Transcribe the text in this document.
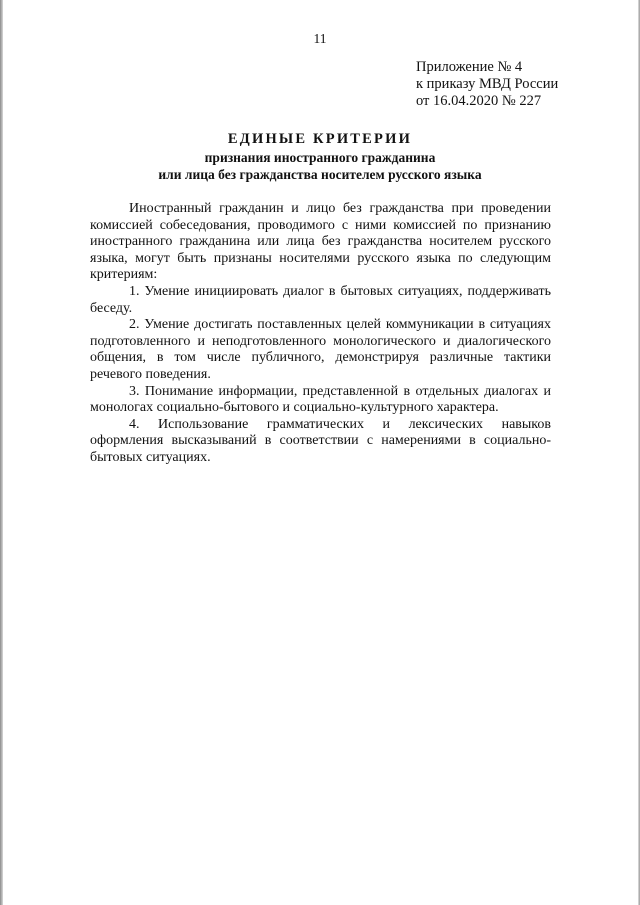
11
Приложение № 4
к приказу МВД России
от 16.04.2020 № 227
ЕДИНЫЕ КРИТЕРИИ
признания иностранного гражданина
или лица без гражданства носителем русского языка

Иностранный гражданин и лицо без гражданства при проведении комиссией собеседования, проводимого с ними комиссией по признанию иностранного гражданина или лица без гражданства носителем русского языка, могут быть признаны носителями русского языка по следующим критериям:

1. Умение инициировать диалог в бытовых ситуациях, поддерживать беседу.

2. Умение достигать поставленных целей коммуникации в ситуациях подготовленного и неподготовленного монологического и диалогического общения, в том числе публичного, демонстрируя различные тактики речевого поведения.

3. Понимание информации, представленной в отдельных диалогах и монологах социально-бытового и социально-культурного характера.

4. Использование грамматических и лексических навыков оформления высказываний в соответствии с намерениями в социально-бытовых ситуациях.
